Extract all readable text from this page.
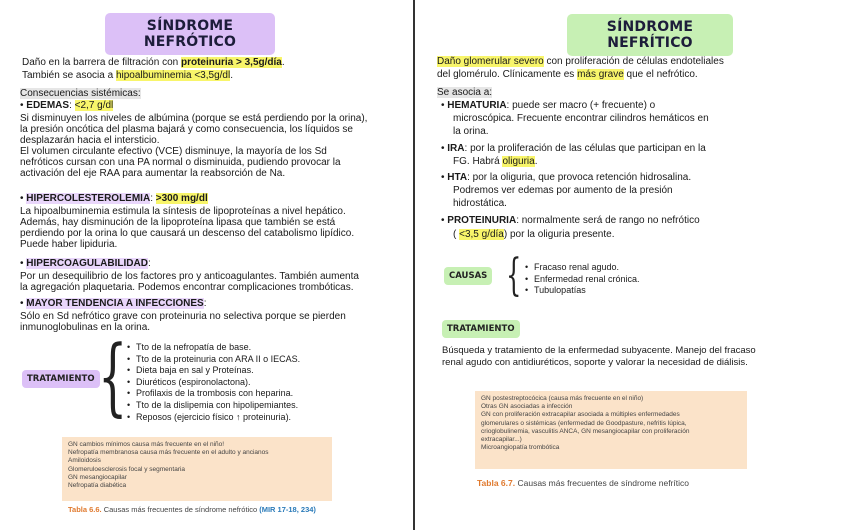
SÍNDROME NEFRÓTICO
Daño en la barrera de filtración con proteinuria > 3,5g/día.
También se asocia a hipoalbuminemia <3,5g/dl.
Consecuencias sistémicas:
• EDEMAS: <2,7 g/dl
Si disminuyen los niveles de albúmina (porque se está perdiendo por la orina),
la presión oncótica del plasma bajará y como consecuencia, los líquidos se
desplazarán hacia el intersticio.
El volumen circulante efectivo (VCE) disminuye, la mayoría de los Sd
nefróticos cursan con una PA normal o disminuida, pudiendo provocar la
activación del eje RAA para aumentar la reabsorción de Na.
• HIPERCOLESTEROLEMIA: >300 mg/dl
La hipoalbuminemia estimula la síntesis de lipoproteínas a nivel hepático.
Además, hay disminución de la lipoproteína lipasa que también se está
perdiendo por la orina lo que causará un descenso del catabolismo lipídico.
Puede haber lipiduria.
• HIPERCOAGULABILIDAD:
Por un desequilibrio de los factores pro y anticoagulantes. También aumenta
la agregación plaquetaria. Podemos encontrar complicaciones trombóticas.
• MAYOR TENDENCIA A INFECCIONES:
Sólo en Sd nefrótico grave con proteinuria no selectiva porque se pierden
inmunoglobulinas en la orina.
TRATAMIENTO { • Tto de la nefropatía de base.
• Tto de la proteinuria con ARA II o IECAS.
• Dieta baja en sal y Proteínas.
• Diuréticos (espironolactona).
• Profilaxis de la trombosis con heparina.
• Tto de la dislipemia con hipolipemiantes.
• Reposos (ejercicio físico ↑ proteinuria).
GN cambios mínimos causa más frecuente en el niño!
Nefropatía membranosa causa más frecuente en el adulto y ancianos
Amiloidosis
Glomeruloesclerosis focal y segmentaria
GN mesangiocapilar
Nefropatía diabética
Tabla 6.6. Causas más frecuentes de síndrome nefrótico (MIR 17-18, 234)
SÍNDROME NEFRÍTICO
Daño glomerular severo con proliferación de células endoteliales
del glomérulo. Clínicamente es más grave que el nefrótico.
Se asocia a:
• HEMATURIA: puede ser macro (+ frecuente) o
microscópica. Frecuente encontrar cilindros hemáticos en
la orina.
• IRA: por la proliferación de las células que participan en la
FG. Habrá oliguria.
• HTA: por la oliguria, que provoca retención hidrosalina.
Podremos ver edemas por aumento de la presión
hidrostática.
• PROTEINURIA: normalmente será de rango no nefrótico
( <3,5 g/día) por la oliguria presente.
CAUSAS { • Fracaso renal agudo.
• Enfermedad renal crónica.
• Tubulopatías
TRATAMIENTO
Búsqueda y tratamiento de la enfermedad subyacente. Manejo del fracaso
renal agudo con antidiuréticos, soporte y valorar la necesidad de diálisis.
GN postestreptocócica (causa más frecuente en el niño)
Otras GN asociadas a infección
GN con proliferación extracapilar asociada a múltiples enfermedades
glomerulares o sistémicas (enfermedad de Goodpasture, nefritis lúpica,
crioglobulinemia, vasculitis ANCA, GN mesangiocapilar con proliferación
extracapilar...)
Microangiopatía trombótica
Tabla 6.7. Causas más frecuentes de síndrome nefrítico
